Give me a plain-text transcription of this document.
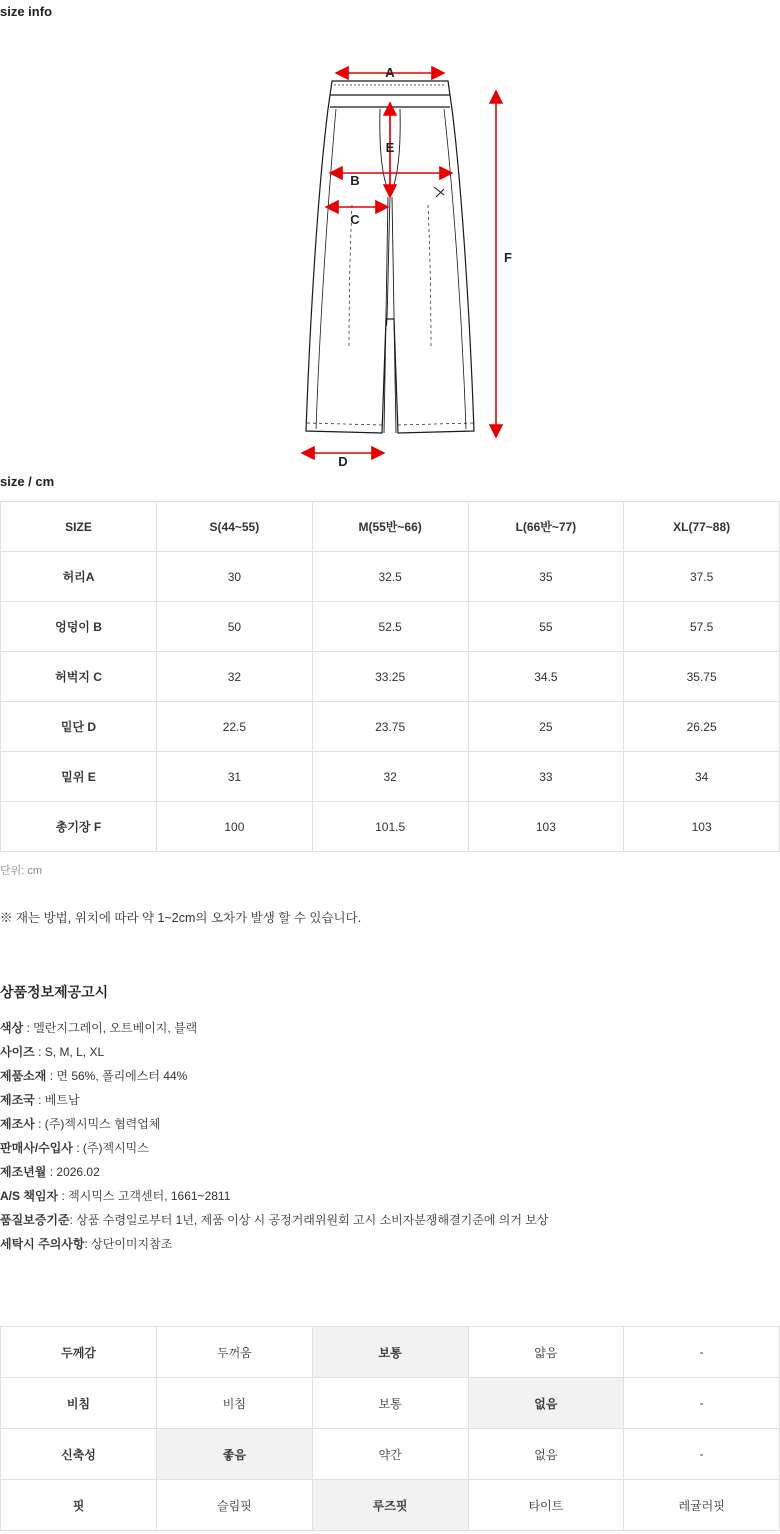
size info
A
B
C
D
E
F
size / cm
SIZE	S(44~55)	M(55반~66)	L(66반~77)	XL(77~88)
허리A	30	32.5	35	37.5
엉덩이 B	50	52.5	55	57.5
허벅지 C	32	33.25	34.5	35.75
밑단 D	22.5	23.75	25	26.25
밑위 E	31	32	33	34
총기장 F	100	101.5	103	103

단위: cm

※ 재는 방법, 위치에 따라 약 1~2cm의 오차가 발생 할 수 있습니다.

상품정보제공고시

색상 : 멜란지그레이, 오트베이지, 블랙

사이즈 : S, M, L, XL

제품소재 : 면 56%, 폴리에스터 44%

제조국 : 베트남

제조사 : (주)젝시믹스 협력업체

판매사/수입사 : (주)젝시믹스

제조년월 : 2026.02

A/S 책임자 : 젝시믹스 고객센터, 1661~2811

품질보증기준: 상품 수령일로부터 1년, 제품 이상 시 공정거래위원회 고시 소비자분쟁해결기준에 의거 보상

세탁시 주의사항: 상단이미지참조

두께감	두꺼움	보통	얇음	-
비침	비침	보통	없음	-
신축성	좋음	약간	없음	-
핏	슬림핏	루즈핏	타이트	레귤러핏
